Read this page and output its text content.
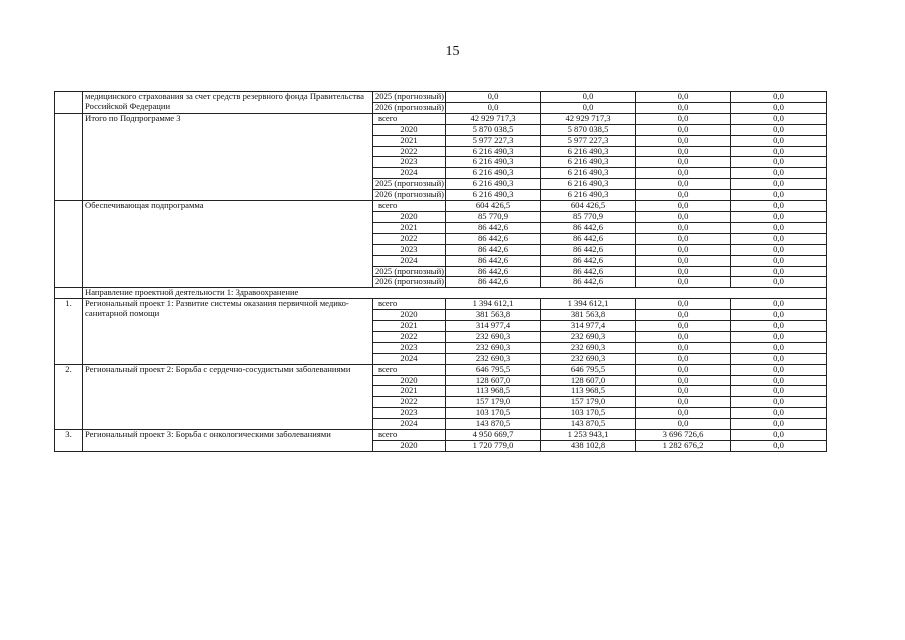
15
	медицинского страхования за счет средств резервного фонда Правительства Российской Федерации	2025 (прогнозный)	0,0	0,0	0,0	0,0
		2026 (прогнозный)	0,0	0,0	0,0	0,0
	Итого по Подпрограмме 3	всего	42 929 717,3	42 929 717,3	0,0	0,0
		2020	5 870 038,5	5 870 038,5	0,0	0,0
		2021	5 977 227,3	5 977 227,3	0,0	0,0
		2022	6 216 490,3	6 216 490,3	0,0	0,0
		2023	6 216 490,3	6 216 490,3	0,0	0,0
		2024	6 216 490,3	6 216 490,3	0,0	0,0
		2025 (прогнозный)	6 216 490,3	6 216 490,3	0,0	0,0
		2026 (прогнозный)	6 216 490,3	6 216 490,3	0,0	0,0
	Обеспечивающая подпрограмма	всего	604 426,5	604 426,5	0,0	0,0
		2020	85 770,9	85 770,9	0,0	0,0
		2021	86 442,6	86 442,6	0,0	0,0
		2022	86 442,6	86 442,6	0,0	0,0
		2023	86 442,6	86 442,6	0,0	0,0
		2024	86 442,6	86 442,6	0,0	0,0
		2025 (прогнозный)	86 442,6	86 442,6	0,0	0,0
		2026 (прогнозный)	86 442,6	86 442,6	0,0	0,0
	Направление проектной деятельности 1: Здравоохранение					
1.	Региональный проект 1: Развитие системы оказания первичной медико-санитарной помощи	всего	1 394 612,1	1 394 612,1	0,0	0,0
		2020	381 563,8	381 563,8	0,0	0,0
		2021	314 977,4	314 977,4	0,0	0,0
		2022	232 690,3	232 690,3	0,0	0,0
		2023	232 690,3	232 690,3	0,0	0,0
		2024	232 690,3	232 690,3	0,0	0,0
2.	Региональный проект 2: Борьба с сердечно-сосудистыми заболеваниями	всего	646 795,5	646 795,5	0,0	0,0
		2020	128 607,0	128 607,0	0,0	0,0
		2021	113 968,5	113 968,5	0,0	0,0
		2022	157 179,0	157 179,0	0,0	0,0
		2023	103 170,5	103 170,5	0,0	0,0
		2024	143 870,5	143 870,5	0,0	0,0
3.	Региональный проект 3: Борьба с онкологическими заболеваниями	всего	4 950 669,7	1 253 943,1	3 696 726,6	0,0
		2020	1 720 779,0	438 102,8	1 282 676,2	0,0
